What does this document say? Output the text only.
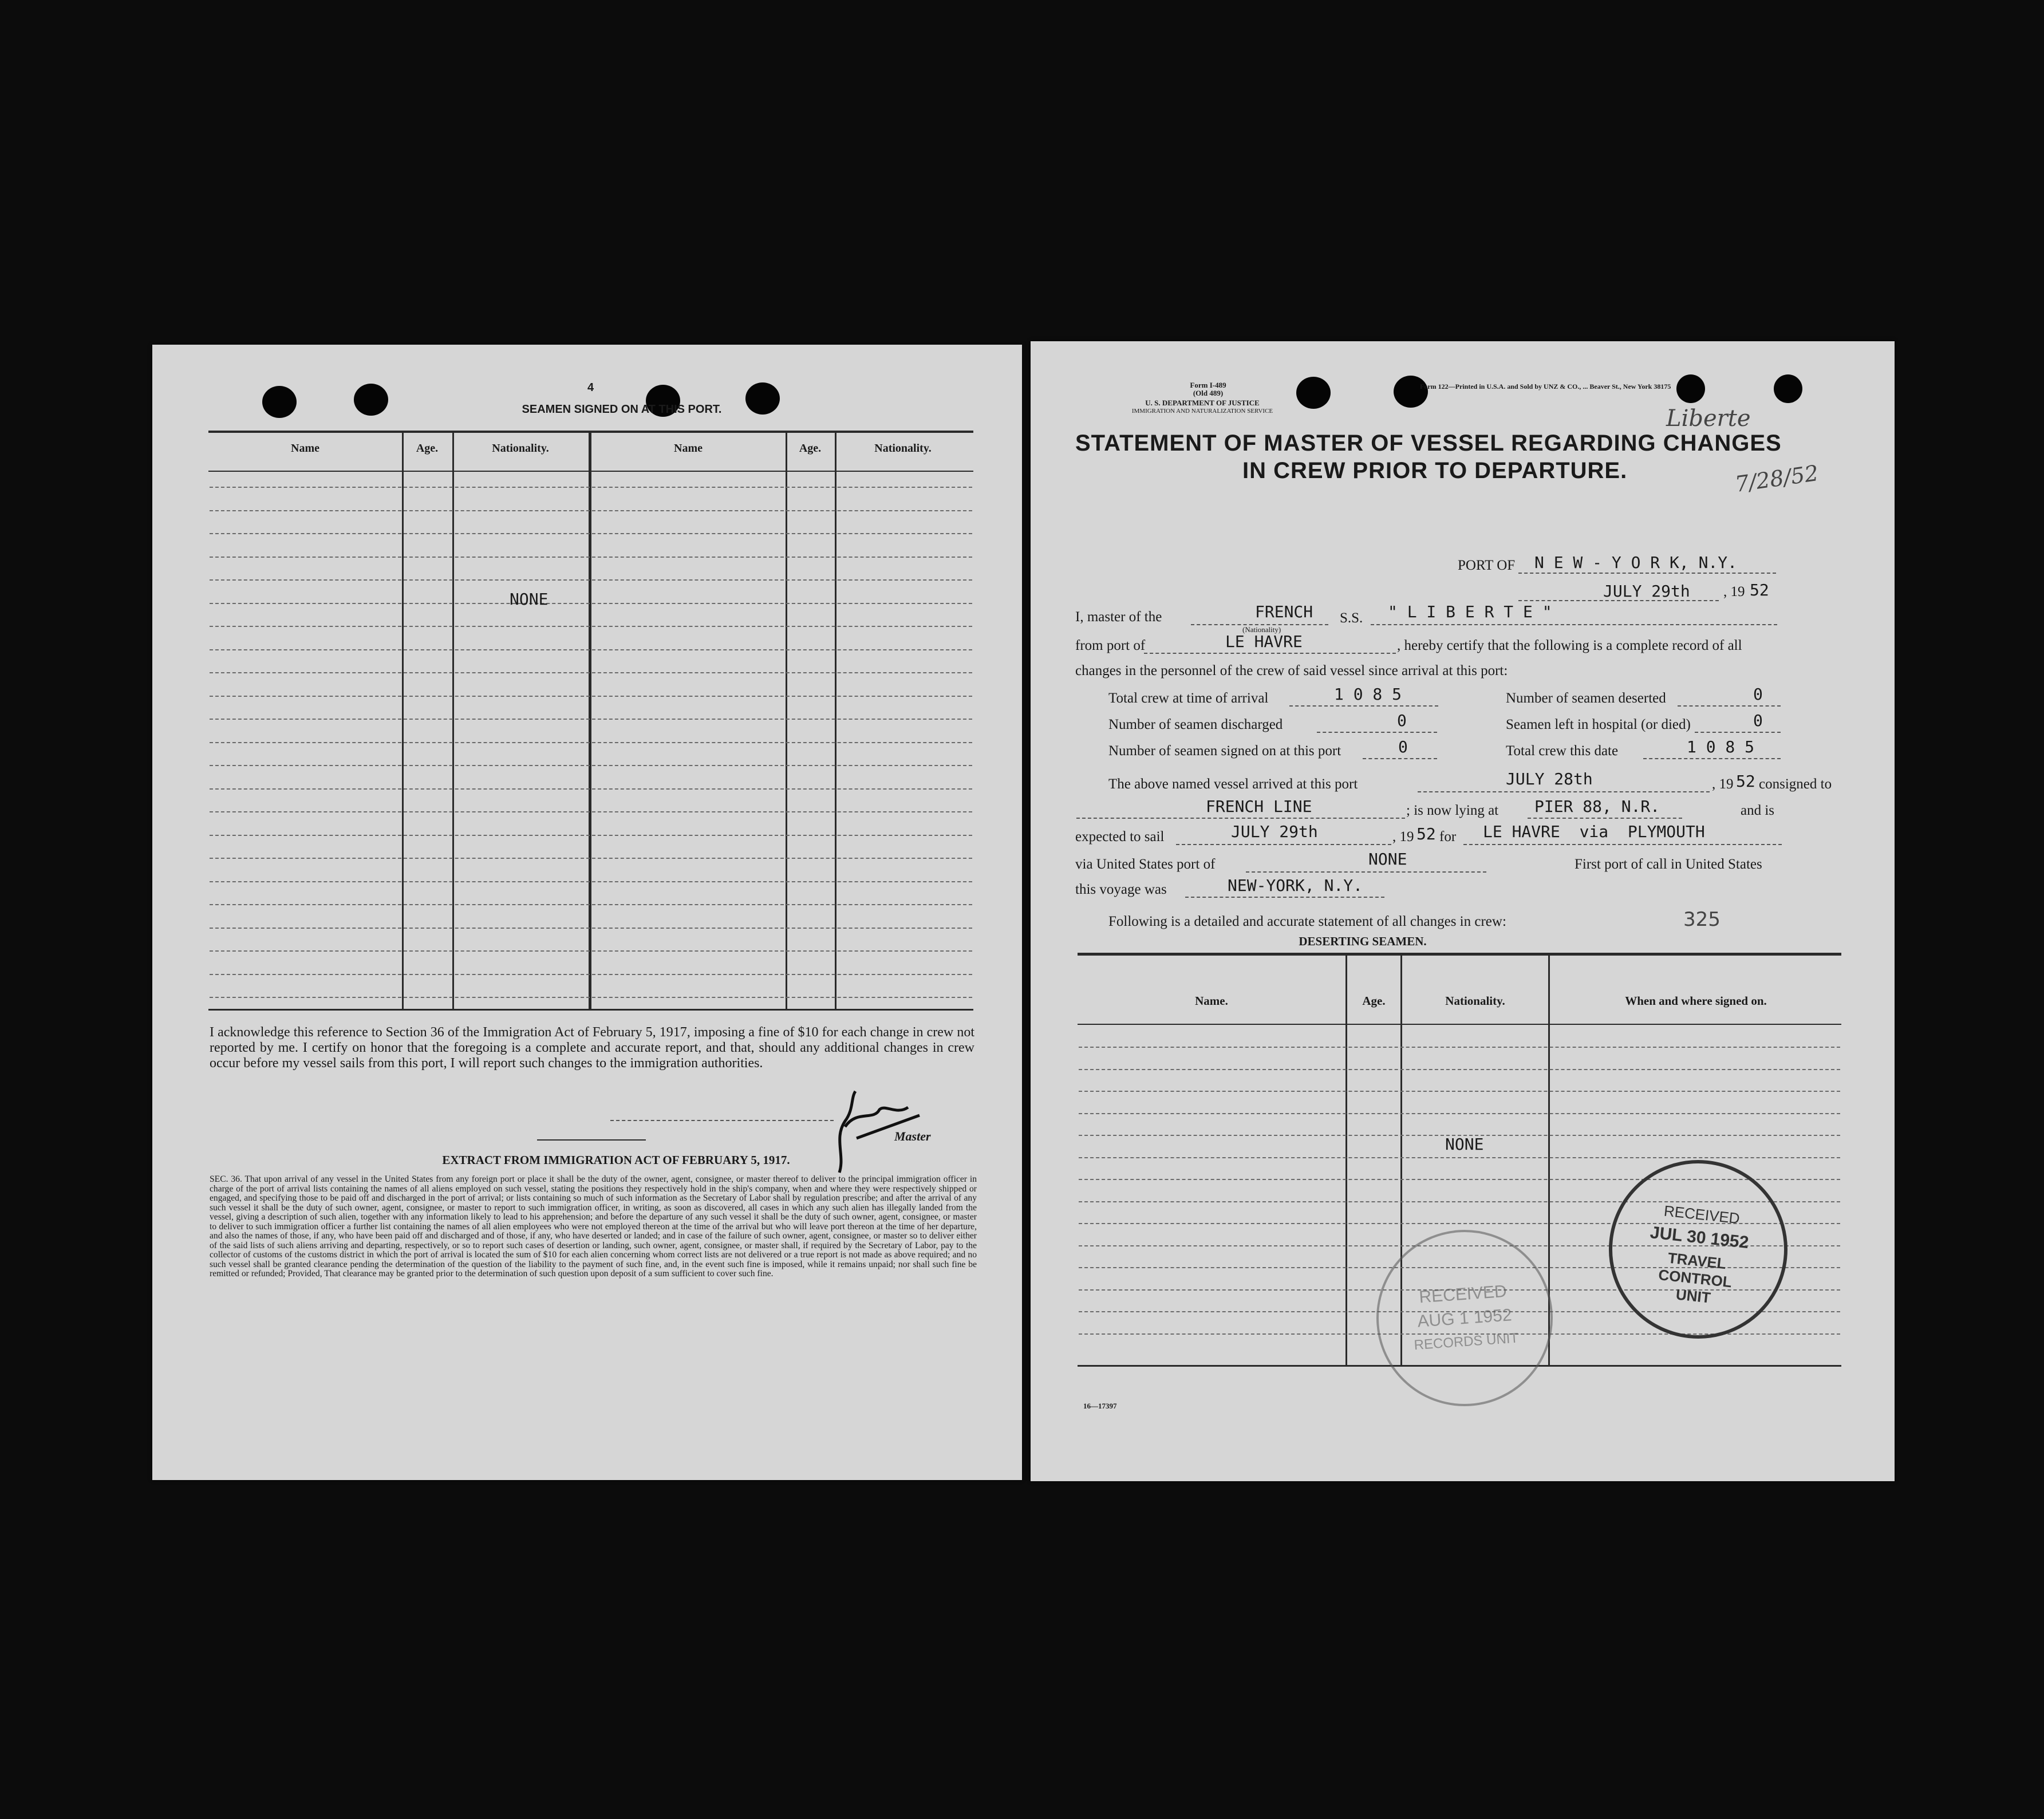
4
SEAMEN SIGNED ON AT THIS PORT.
Name	Age.	Nationality.	Name	Age.	Nationality.
NONE
I acknowledge this reference to Section 36 of the Immigration Act of February 5, 1917, imposing a fine of $10 for each change in crew not reported by me. I certify on honor that the foregoing is a complete and accurate report, and that, should any additional changes in crew occur before my vessel sails from this port, I will report such changes to the immigration authorities.
Master
EXTRACT FROM IMMIGRATION ACT OF FEBRUARY 5, 1917.
SEC. 36. That upon arrival of any vessel in the United States from any foreign port or place it shall be the duty of the owner, agent, consignee, or master thereof to deliver to the principal immigration officer in charge of the port of arrival lists containing the names of all aliens employed on such vessel, stating the positions they respectively hold in the ship's company, when and where they were respectively shipped or engaged, and specifying those to be paid off and discharged in the port of arrival; or lists containing so much of such information as the Secretary of Labor shall by regulation prescribe; and after the arrival of any such vessel it shall be the duty of such owner, agent, consignee, or master to report to such immigration officer, in writing, as soon as discovered, all cases in which any such alien has illegally landed from the vessel, giving a description of such alien, together with any information likely to lead to his apprehension; and before the departure of any such vessel it shall be the duty of such owner, agent, consignee, or master to deliver to such immigration officer a further list containing the names of all alien employees who were not employed thereon at the time of the arrival but who will leave port thereon at the time of her departure, and also the names of those, if any, who have been paid off and discharged and of those, if any, who have deserted or landed; and in case of the failure of such owner, agent, consignee, or master so to deliver either of the said lists of such aliens arriving and departing, respectively, or so to report such cases of desertion or landing, such owner, agent, consignee, or master shall, if required by the Secretary of Labor, pay to the collector of customs of the customs district in which the port of arrival is located the sum of $10 for each alien concerning whom correct lists are not delivered or a true report is not made as above required; and no such vessel shall be granted clearance pending the determination of the question of the liability to the payment of such fine, and, in the event such fine is imposed, while it remains unpaid; nor shall such fine be remitted or refunded; Provided, That clearance may be granted prior to the determination of such question upon deposit of a sum sufficient to cover such fine.
Form I-489
(Old 489)
U. S. DEPARTMENT OF JUSTICE
IMMIGRATION AND NATURALIZATION SERVICE
Form 122—Printed in U.S.A. and Sold by UNZ & CO., ... Beaver St., New York 38175
Liberte
7/28/52
STATEMENT OF MASTER OF VESSEL REGARDING CHANGES
IN CREW PRIOR TO DEPARTURE.
PORT OF N E W - Y O R K, N.Y.
JULY 29th , 19 52
I, master of the	FRENCH
(Nationality)
S.S. " L I B E R T E "
from port of	LE HAVRE	, hereby certify that the following is a complete record of all
changes in the personnel of the crew of said vessel since arrival at this port:
Total crew at time of arrival	1 0 8 5	Number of seamen deserted	0
Number of seamen discharged	0	Seamen left in hospital (or died)	0
Number of seamen signed on at this port	0	Total crew this date	1 0 8 5
The above named vessel arrived at this port	JULY 28th	, 19 52 consigned to
FRENCH LINE	; is now lying at PIER 88, N.R.	and is
expected to sail	JULY 29th	, 19 52 for LE HAVRE  via  PLYMOUTH
via United States port of	NONE	First port of call in United States
this voyage was	NEW-YORK, N.Y.
Following is a detailed and accurate statement of all changes in crew:	325
DESERTING SEAMEN.
Name.	Age.	Nationality.	When and where signed on.
NONE
RECEIVED
AUG 1 1952
RECORDS UNIT
RECEIVED
JUL 30 1952
TRAVEL CONTROL UNIT
16—17397
